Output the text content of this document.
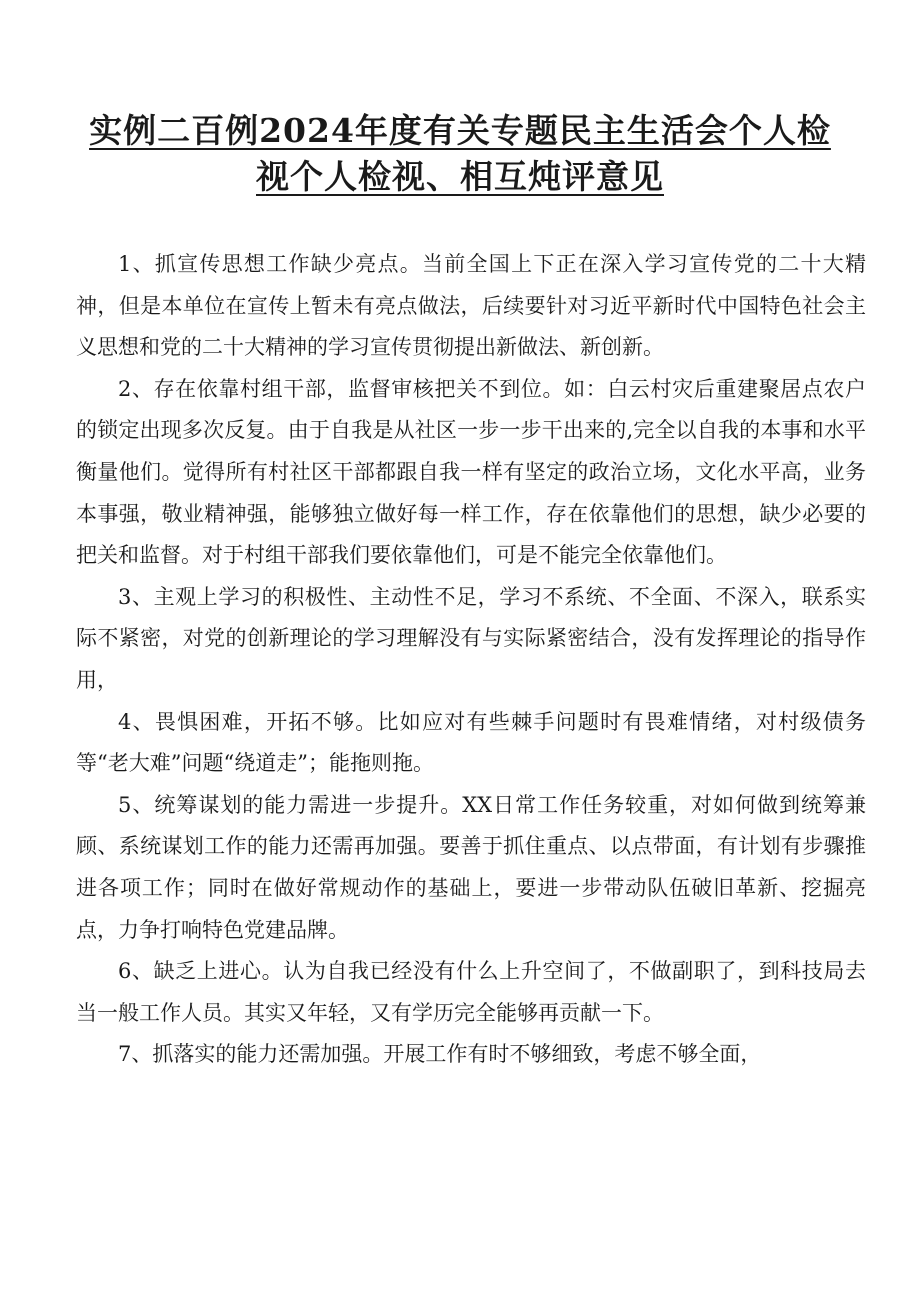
实例二百例2024年度有关专题民主生活会个人检
视个人检视、相互炖评意见

1、抓宣传思想工作缺少亮点。当前全国上下正在深入学习宣传党的二十大精神，但是本单位在宣传上暂未有亮点做法，后续要针对习近平新时代中国特色社会主义思想和党的二十大精神的学习宣传贯彻提出新做法、新创新。

2、存在依靠村组干部，监督审核把关不到位。如：白云村灾后重建聚居点农户的锁定出现多次反复。由于自我是从社区一步一步干出来的,完全以自我的本事和水平衡量他们。觉得所有村社区干部都跟自我一样有坚定的政治立场，文化水平高，业务本事强，敬业精神强，能够独立做好每一样工作，存在依靠他们的思想，缺少必要的把关和监督。对于村组干部我们要依靠他们，可是不能完全依靠他们。

3、主观上学习的积极性、主动性不足，学习不系统、不全面、不深入，联系实际不紧密，对党的创新理论的学习理解没有与实际紧密结合，没有发挥理论的指导作用，

4、畏惧困难，开拓不够。比如应对有些棘手问题时有畏难情绪，对村级债务等“老大难”问题“绕道走”；能拖则拖。

5、统筹谋划的能力需进一步提升。XX日常工作任务较重，对如何做到统筹兼顾、系统谋划工作的能力还需再加强。要善于抓住重点、以点带面，有计划有步骤推进各项工作；同时在做好常规动作的基础上，要进一步带动队伍破旧革新、挖掘亮点，力争打响特色党建品牌。

6、缺乏上进心。认为自我已经没有什么上升空间了，不做副职了，到科技局去当一般工作人员。其实又年轻，又有学历完全能够再贡献一下。

7、抓落实的能力还需加强。开展工作有时不够细致，考虑不够全面，
